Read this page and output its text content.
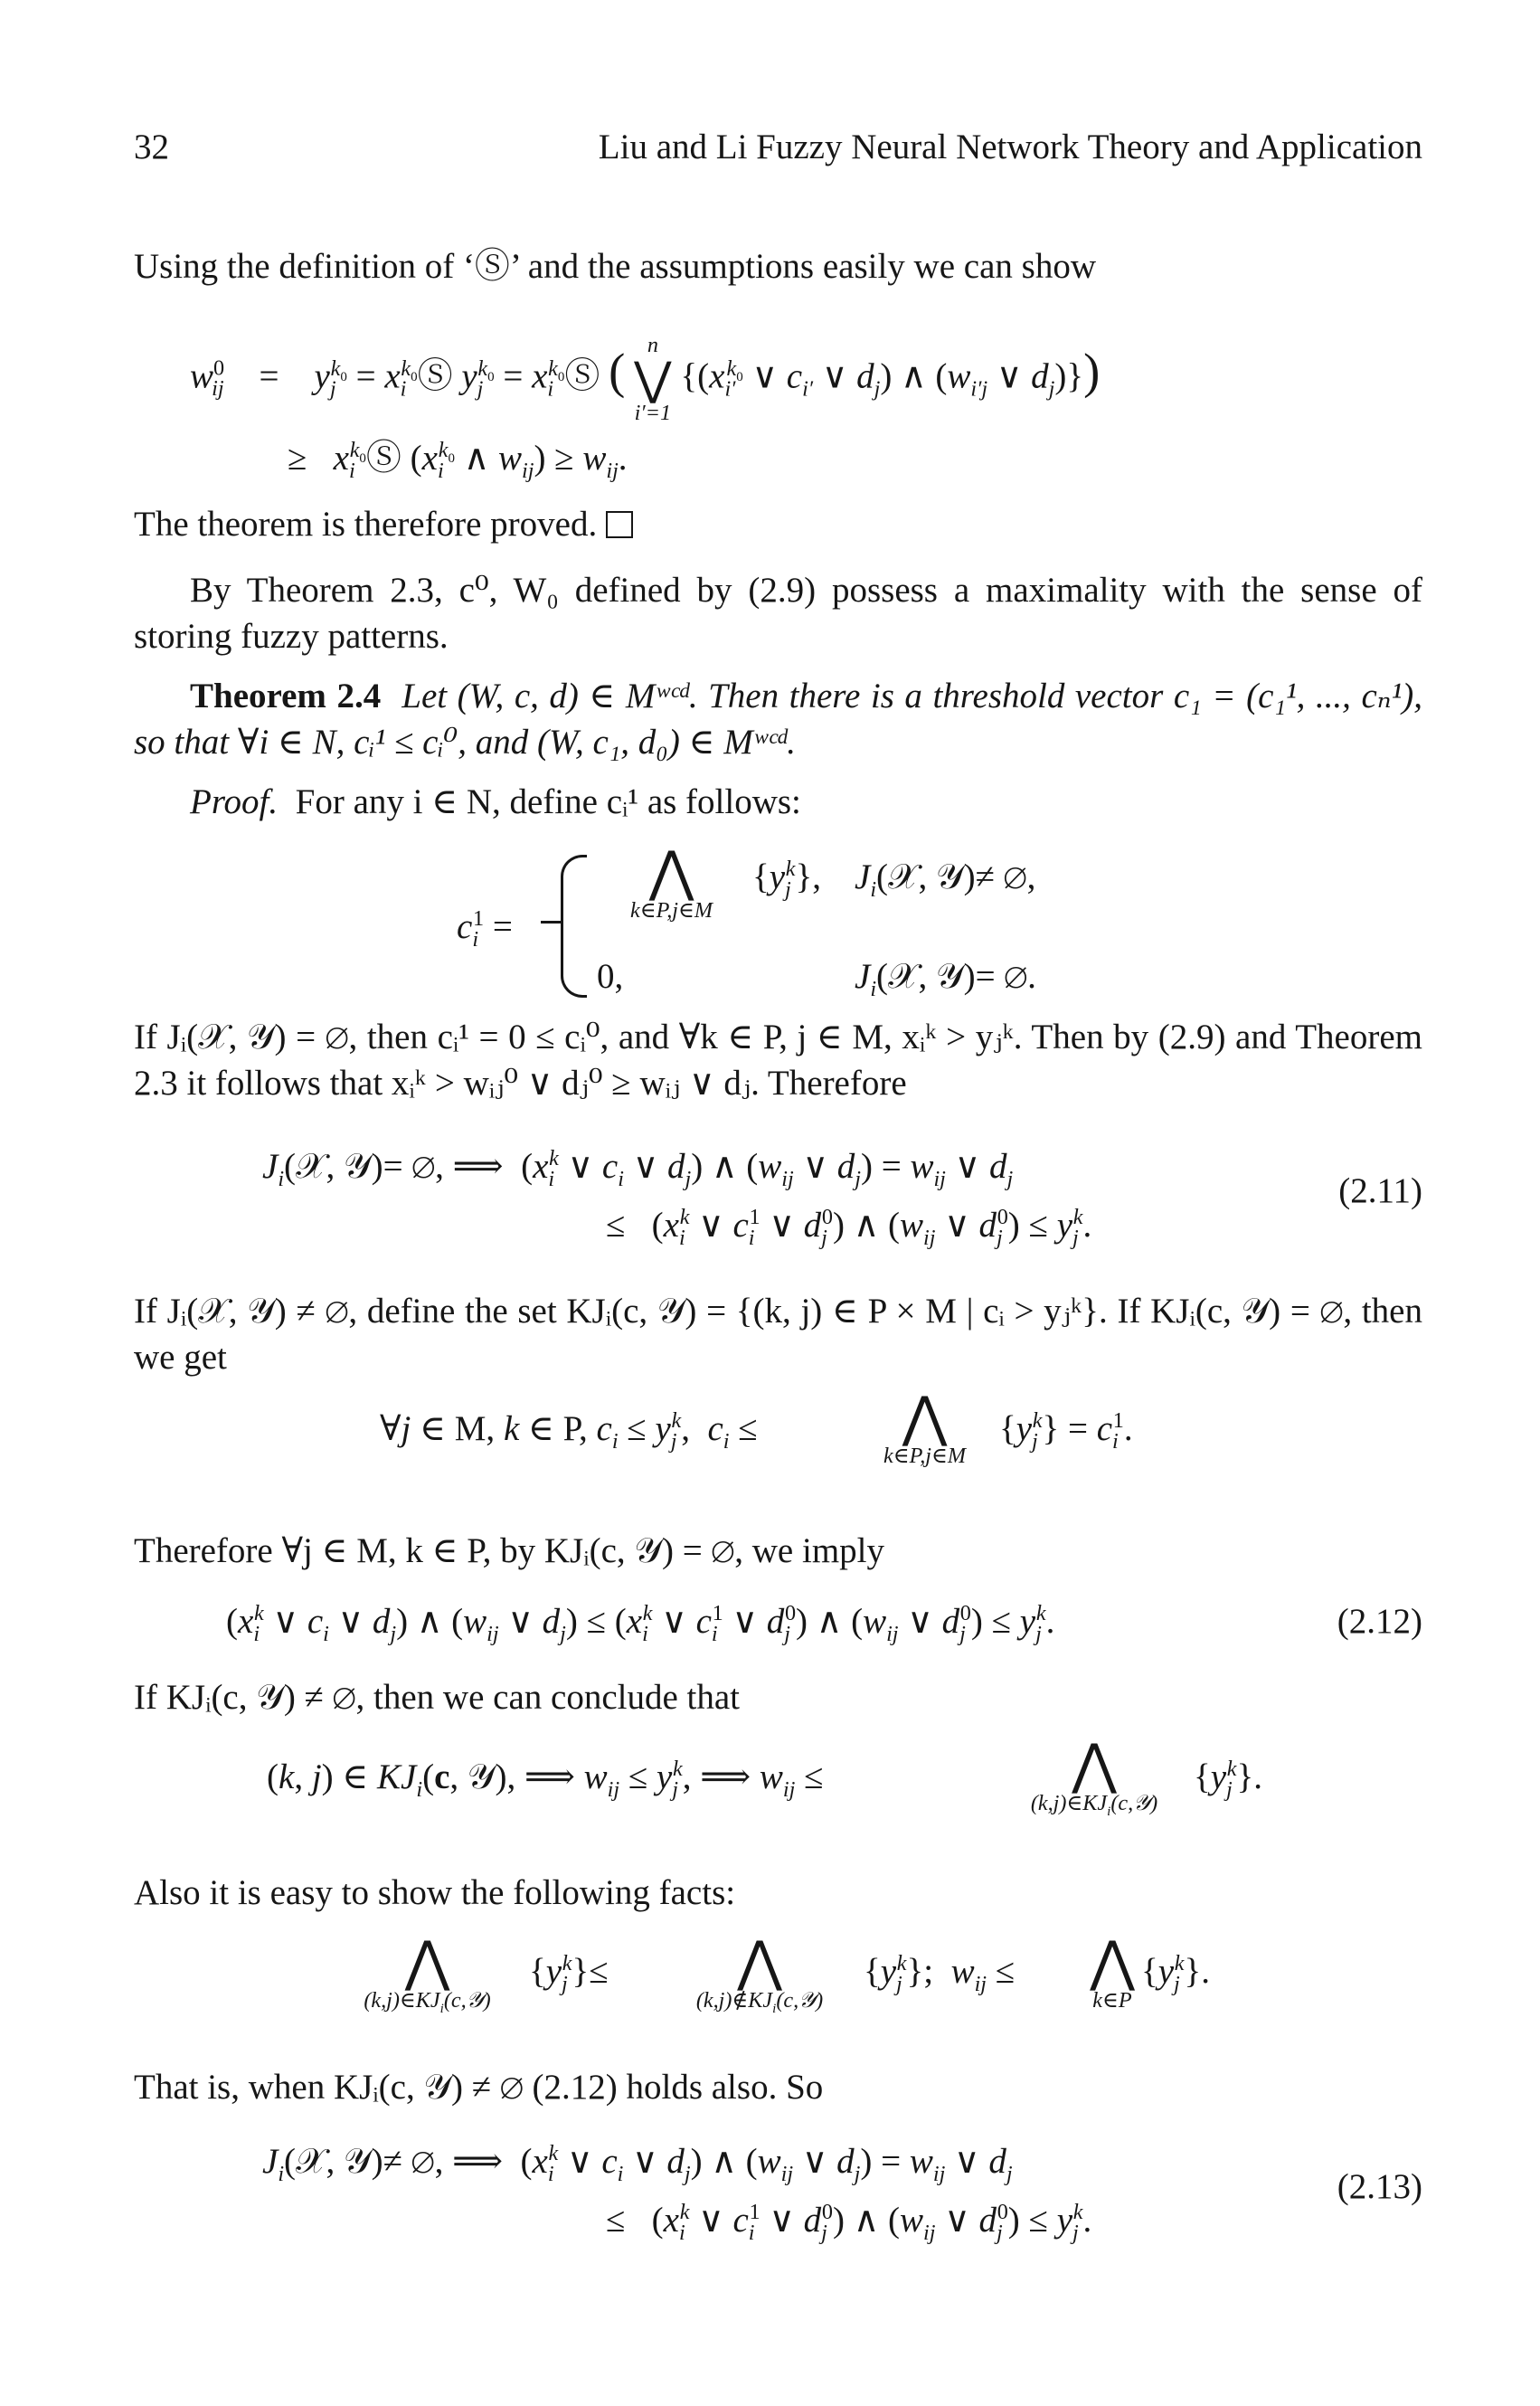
32	Liu and Li Fuzzy Neural Network Theory and Application
Using the definition of ‘Ⓢ’ and the assumptions easily we can show
$w^0_{ij}$    =    $y_j^{k_0}$ = $x_i^{k_0}Ⓢ$ $y_j^{k_0}$ = $x_i^{k_0}Ⓢ$ (	n
⋁
i′=1
{($x_{i'}^{k_0}$ ∨ $c_{i'}$ ∨ $d_j$) ∧ ($w_{i'j}$ ∨ $d_j$)})
≥   $x_i^{k_0}Ⓢ$ ($x_i^{k_0}$ ∧ $w_{ij}) \ge w_{ij}$.
The theorem is therefore proved.

By Theorem 2.3, c⁰, W₀ defined by (2.9) possess a maximality with the sense of storing fuzzy patterns.

Theorem 2.4 Let (W, c, d) ∈ Mʷᶜᵈ. Then there is a threshold vector c₁ = (c₁¹, ..., cₙ¹), so that ∀i ∈ N, cᵢ¹ ≤ cᵢ⁰, and (W, c₁, d₀) ∈ Mʷᶜᵈ.

Proof. For any i ∈ N, define cᵢ¹ as follows:
$c_i^1$ =
⋀
k∈P,j∈M
$\{y_j^k\}$, $J_i(𝒳$, 𝒴)≠ ∅,
0,	$J_i(𝒳$, 𝒴)= ∅.

If Jᵢ(𝒳, 𝒴) = ∅, then cᵢ¹ = 0 ≤ cᵢ⁰, and ∀k ∈ P, j ∈ M, xᵢᵏ > yⱼᵏ. Then by (2.9) and Theorem 2.3 it follows that xᵢᵏ > wᵢⱼ⁰ ∨ dⱼ⁰ ≥ wᵢⱼ ∨ dⱼ. Therefore

$J_i(𝒳$, 𝒴)= ∅, ⟹  ($x_i^k$ ∨ $c_i$ ∨ $d_j$) ∧ ($w_{ij}$ ∨ $d_j) = w_{ij}$ ∨ $d_j$
≤   ($x_i^k$ ∨ $c_i^1$ ∨ $d_j^0$) ∧ ($w_{ij}$ ∨ $d_j^0) \le y_j^k$.
(2.11)

If Jᵢ(𝒳, 𝒴) ≠ ∅, define the set KJᵢ(c, 𝒴) = {(k, j) ∈ P × M | cᵢ > yⱼᵏ}. If KJᵢ(c, 𝒴) = ∅, then we get

∀j ∈ M, k ∈ P, $c_i \le y_j^k$,  $c_i$ ≤	⋀
k∈P,j∈M
$\{y_j^k\} = c_i^1$.
Therefore ∀j ∈ M, k ∈ P, by KJᵢ(c, 𝒴) = ∅, we imply
($x_i^k$ ∨ $c_i$ ∨ $d_j$) ∧ ($w_{ij}$ ∨ $d_j) \le (x_i^k$ ∨ $c_i^1$ ∨ $d_j^0$) ∧ ($w_{ij}$ ∨ $d_j^0) \le y_j^k$.	(2.12)
If KJᵢ(c, 𝒴) ≠ ∅, then we can conclude that
(k, j) ∈ $KJ_i(c$, 𝒴), ⟹ $w_{ij} \le y_j^k$, ⟹ $w_{ij}$ ≤	⋀
$(k,j)\in KJ_i(c,𝒴)$
$\{y_j^k\}$.
Also it is easy to show the following facts:
⋀
$(k,j)\in KJ_i(c,𝒴)$
$\{y_j^k\}\le$	⋀
$(k,j)\notin KJ_i(c,𝒴)$
$\{y_j^k\}$;  $w_{ij}$ ≤ ⋀
k∈P
$\{y_j^k\}$.
That is, when KJᵢ(c, 𝒴) ≠ ∅ (2.12) holds also. So
$J_i(𝒳$, 𝒴)≠ ∅, ⟹  ($x_i^k$ ∨ $c_i$ ∨ $d_j$) ∧ ($w_{ij}$ ∨ $d_j) = w_{ij}$ ∨ $d_j$
≤   ($x_i^k$ ∨ $c_i^1$ ∨ $d_j^0$) ∧ ($w_{ij}$ ∨ $d_j^0) \le y_j^k$.
(2.13)
